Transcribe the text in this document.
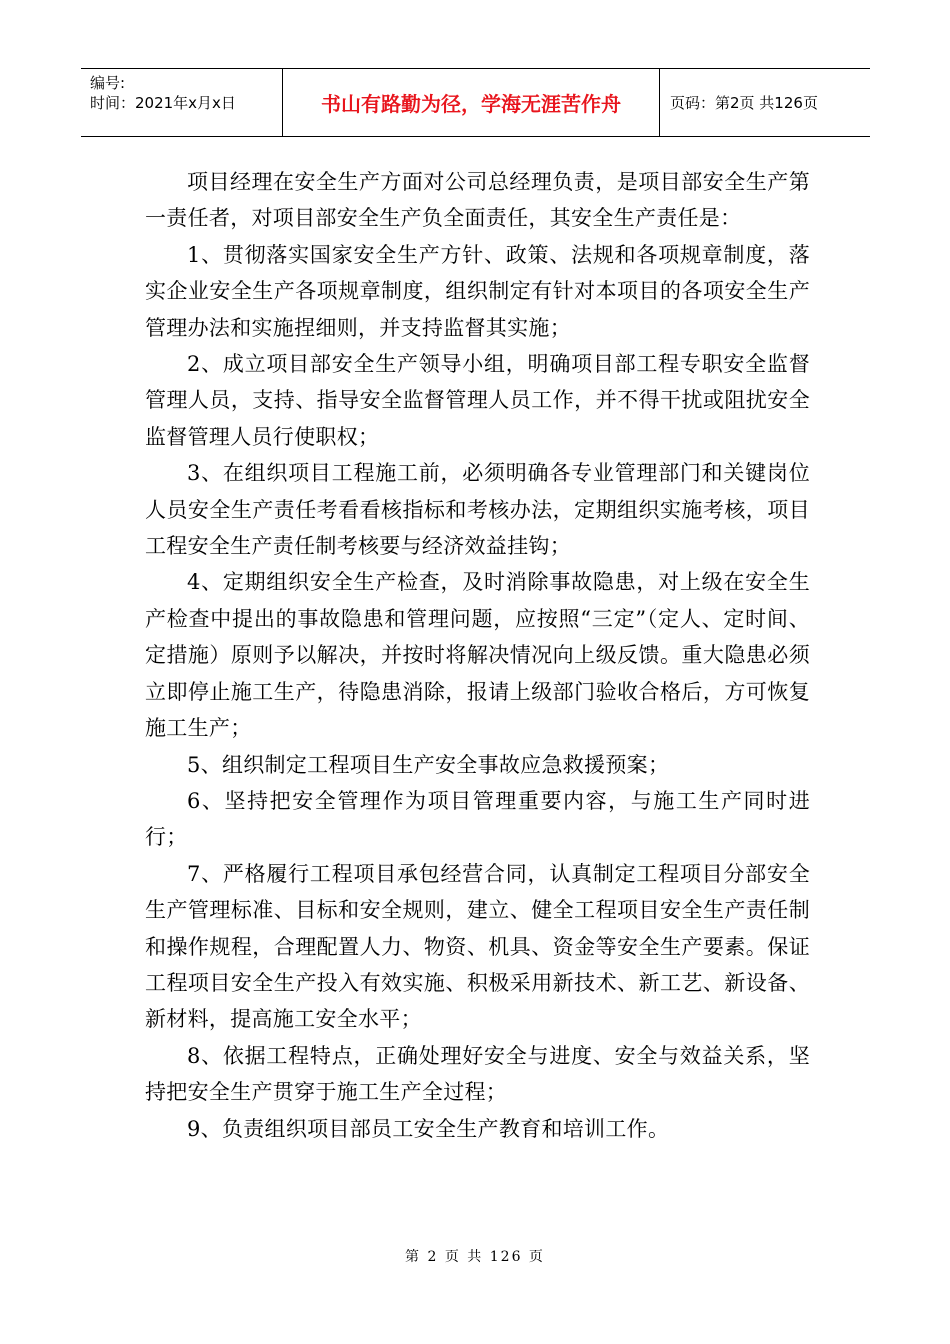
编号:
时间：2021年x月x日	书山有路勤为径，学海无涯苦作舟	页码：第2页 共126页

项目经理在安全生产方面对公司总经理负责，是项目部安全生产第一责任者，对项目部安全生产负全面责任，其安全生产责任是：

1、贯彻落实国家安全生产方针、政策、法规和各项规章制度，落实企业安全生产各项规章制度，组织制定有针对本项目的各项安全生产管理办法和实施捏细则，并支持监督其实施；

2、成立项目部安全生产领导小组，明确项目部工程专职安全监督管理人员，支持、指导安全监督管理人员工作，并不得干扰或阻扰安全监督管理人员行使职权；

3、在组织项目工程施工前，必须明确各专业管理部门和关键岗位人员安全生产责任考看看核指标和考核办法，定期组织实施考核，项目工程安全生产责任制考核要与经济效益挂钩；

4、定期组织安全生产检查，及时消除事故隐患，对上级在安全生产检查中提出的事故隐患和管理问题，应按照“三定”（定人、定时间、定措施）原则予以解决，并按时将解决情况向上级反馈。重大隐患必须立即停止施工生产，待隐患消除，报请上级部门验收合格后，方可恢复施工生产；

5、组织制定工程项目生产安全事故应急救援预案；

6、坚持把安全管理作为项目管理重要内容，与施工生产同时进行；

7、严格履行工程项目承包经营合同，认真制定工程项目分部安全生产管理标准、目标和安全规则，建立、健全工程项目安全生产责任制和操作规程，合理配置人力、物资、机具、资金等安全生产要素。保证工程项目安全生产投入有效实施、积极采用新技术、新工艺、新设备、新材料，提高施工安全水平；

8、依据工程特点，正确处理好安全与进度、安全与效益关系，坚持把安全生产贯穿于施工生产全过程；

9、负责组织项目部员工安全生产教育和培训工作。

第 2 页 共 126 页
